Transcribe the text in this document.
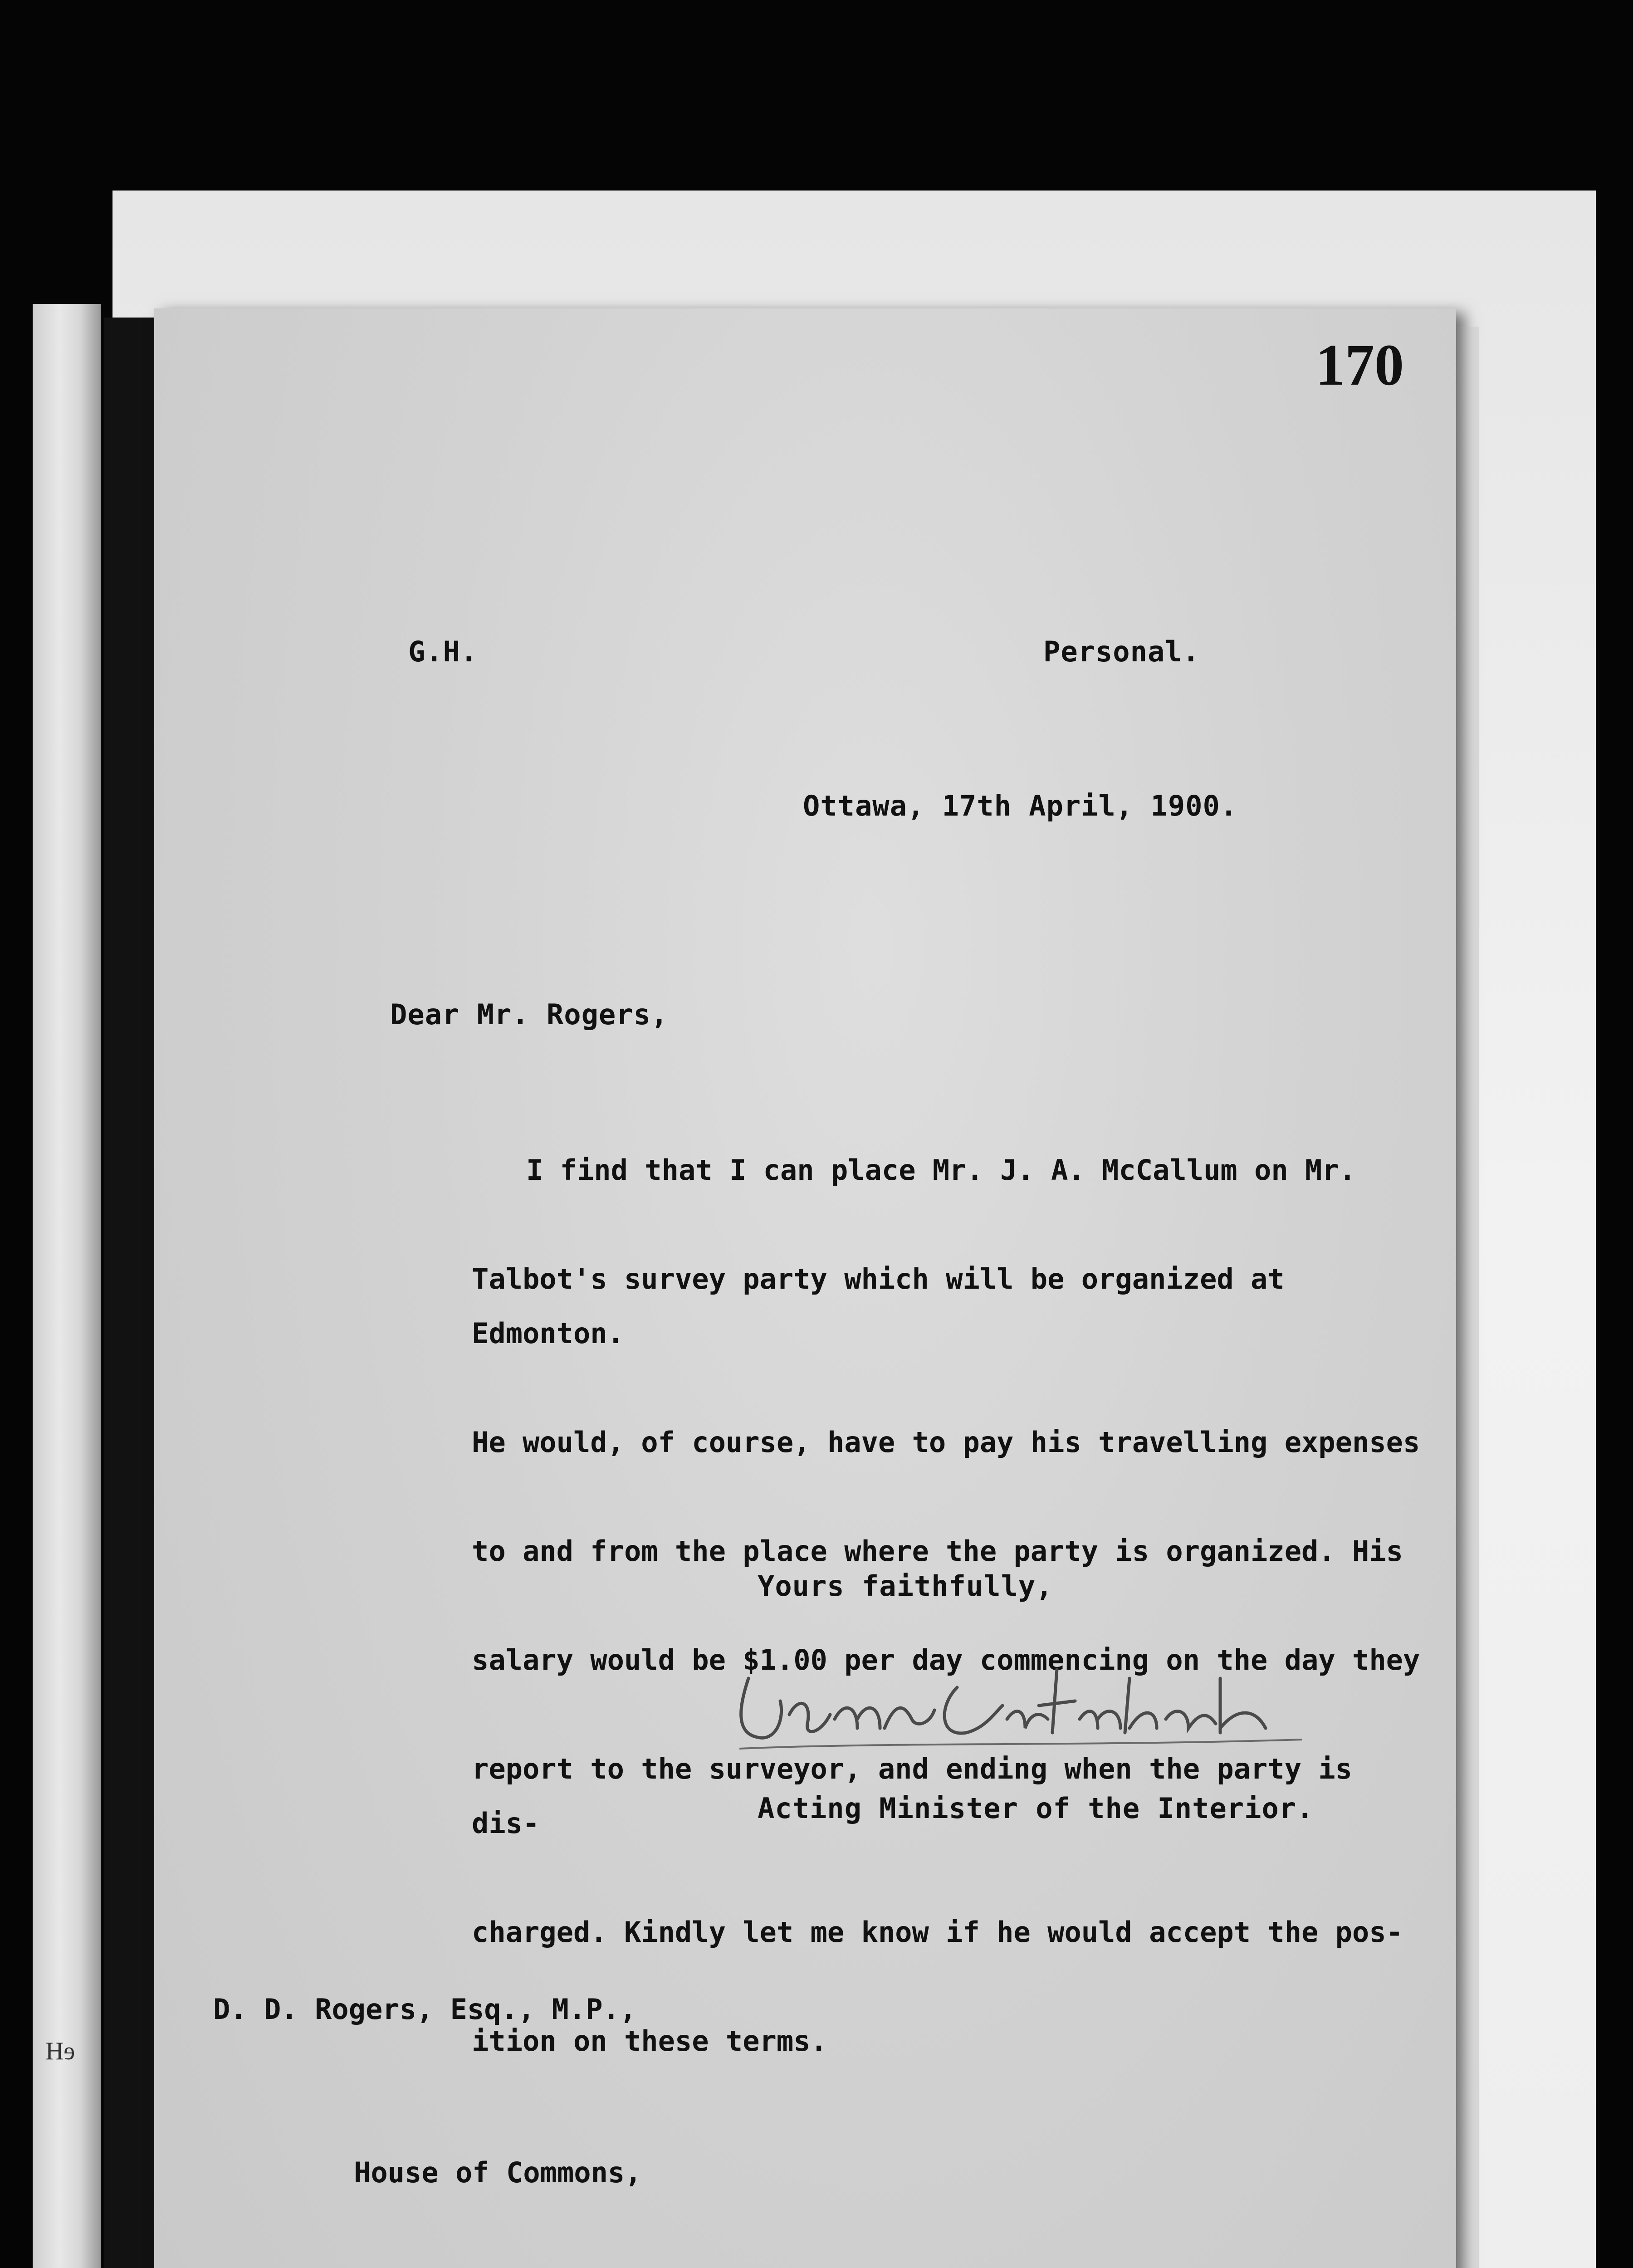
eH
170
G.H.	Personal.
Ottawa, 17th April, 1900.
Dear Mr. Rogers,

I find that I can place Mr. J. A. McCallum on Mr.

Talbot's survey party which will be organized at Edmonton.

He would, of course, have to pay his travelling expenses

to and from the place where the party is organized. His

salary would be $1.00 per day commencing on the day they

report to the surveyor, and ending when the party is dis-

charged. Kindly let me know if he would accept the pos-

ition on these terms.

Yours faithfully,
Acting Minister of the Interior.

D. D. Rogers, Esq., M.P.,

House of Commons,
